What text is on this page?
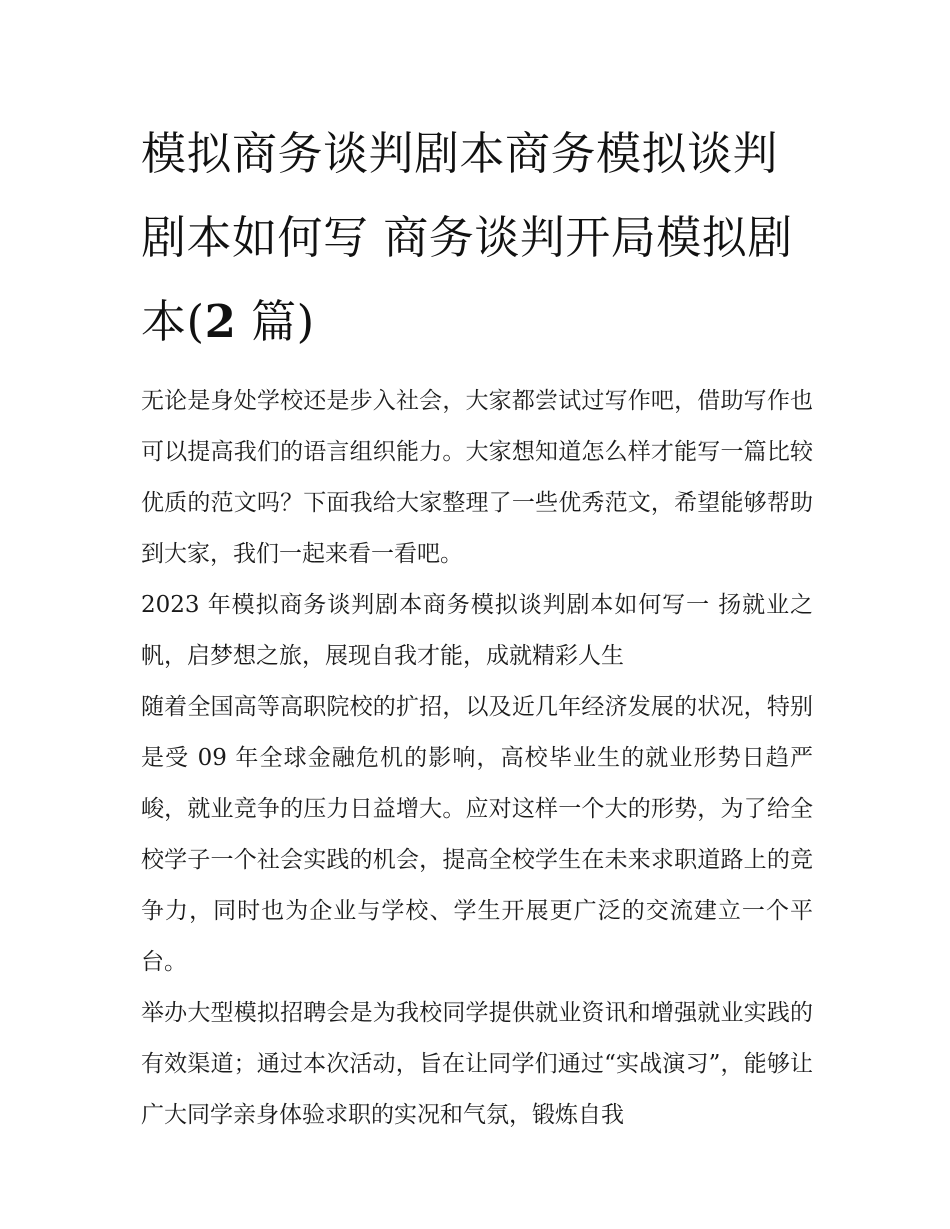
模拟商务谈判剧本商务模拟谈判剧本如何写 商务谈判开局模拟剧本(2 篇)

无论是身处学校还是步入社会，大家都尝试过写作吧，借助写作也可以提高我们的语言组织能力。大家想知道怎么样才能写一篇比较优质的范文吗？下面我给大家整理了一些优秀范文，希望能够帮助到大家，我们一起来看一看吧。

2023 年模拟商务谈判剧本商务模拟谈判剧本如何写一 扬就业之帆，启梦想之旅，展现自我才能，成就精彩人生

随着全国高等高职院校的扩招，以及近几年经济发展的状况，特别是受 09 年全球金融危机的影响，高校毕业生的就业形势日趋严峻，就业竞争的压力日益增大。应对这样一个大的形势，为了给全校学子一个社会实践的机会，提高全校学生在未来求职道路上的竞争力，同时也为企业与学校、学生开展更广泛的交流建立一个平台。

举办大型模拟招聘会是为我校同学提供就业资讯和增强就业实践的有效渠道；通过本次活动，旨在让同学们通过“实战演习”，能够让广大同学亲身体验求职的实况和气氛，锻炼自我
